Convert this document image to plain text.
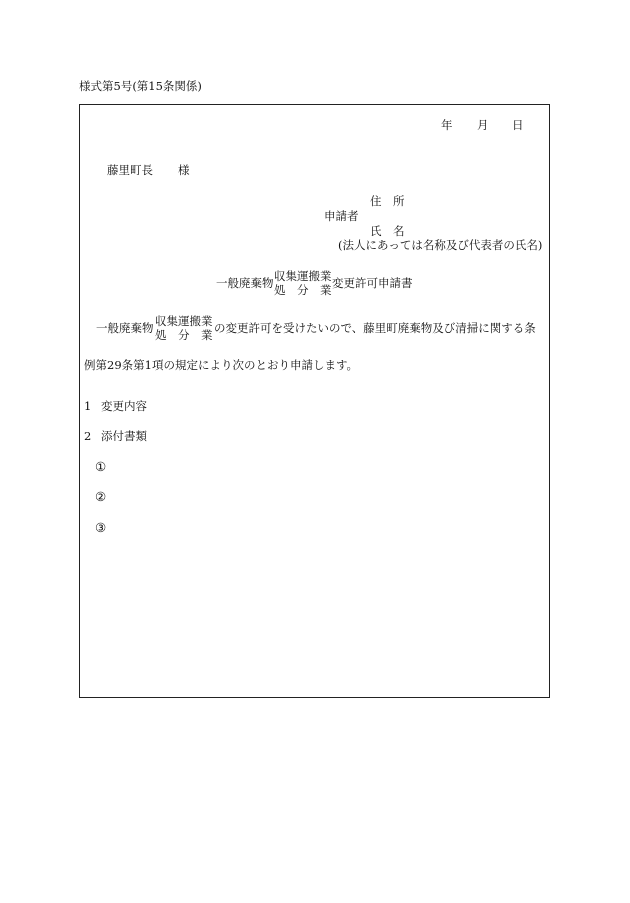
様式第5号(第15条関係)
年 月 日
藤里町長 様
住　所
申請者
氏　名
(法人にあっては名称及び代表者の氏名)
一般廃棄物 収集運搬業
処　分　業 変更許可申請書
一般廃棄物 収集運搬業
処　分　業 の変更許可を受けたいので、藤里町廃棄物及び清掃に関する条
例第29条第1項の規定により次のとおり申請します。
1 変更内容
2 添付書類
①
②
③
